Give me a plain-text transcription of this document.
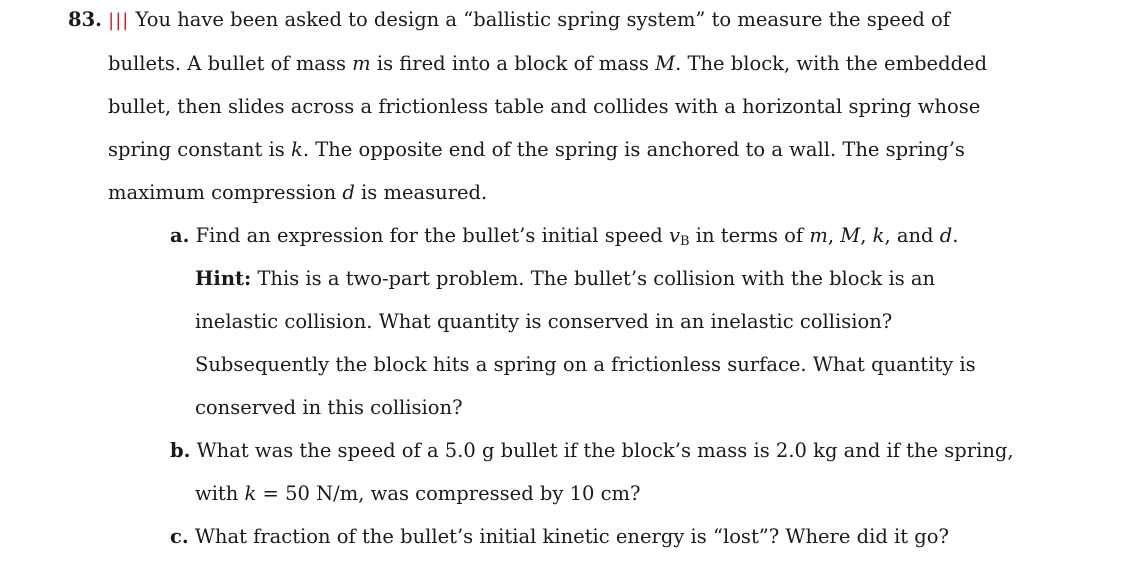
83. ||| You have been asked to design a “ballistic spring system” to measure the speed of
bullets. A bullet of mass m is fired into a block of mass M. The block, with the embedded
bullet, then slides across a frictionless table and collides with a horizontal spring whose
spring constant is k. The opposite end of the spring is anchored to a wall. The spring’s
maximum compression d is measured.
a. Find an expression for the bullet’s initial speed $v_B$ in terms of m, M, k, and d.
Hint: This is a two-part problem. The bullet’s collision with the block is an
inelastic collision. What quantity is conserved in an inelastic collision?
Subsequently the block hits a spring on a frictionless surface. What quantity is
conserved in this collision?
b. What was the speed of a 5.0 g bullet if the block’s mass is 2.0 kg and if the spring,
with k = 50 N/m, was compressed by 10 cm?
c. What fraction of the bullet’s initial kinetic energy is “lost”? Where did it go?
